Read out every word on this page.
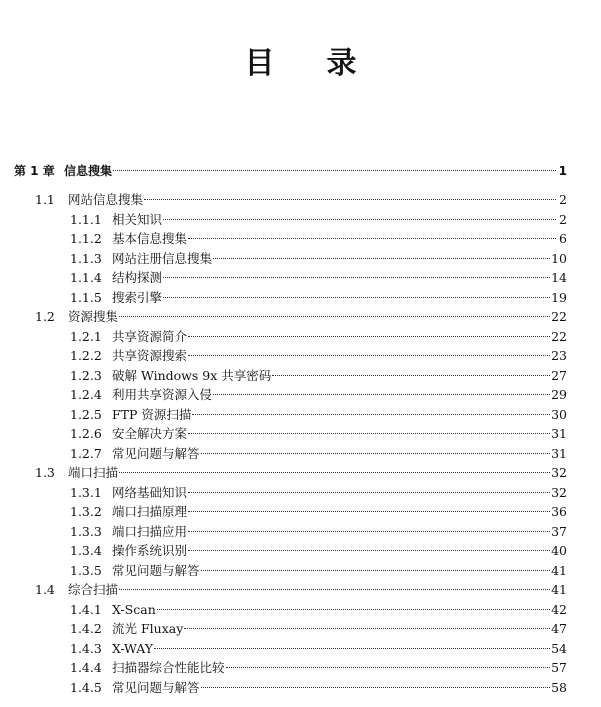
目 录
第 1 章 信息搜集	1
1.1	网站信息搜集	2
1.1.1 相关知识	2
1.1.2 基本信息搜集	6
1.1.3 网站注册信息搜集	10
1.1.4 结构探测	14
1.1.5 搜索引擎	19
1.2	资源搜集	22
1.2.1 共享资源简介	22
1.2.2 共享资源搜索	23
1.2.3 破解 Windows 9x 共享密码	27
1.2.4 利用共享资源入侵	29
1.2.5 FTP 资源扫描	30
1.2.6 安全解决方案	31
1.2.7 常见问题与解答	31
1.3	端口扫描	32
1.3.1 网络基础知识	32
1.3.2 端口扫描原理	36
1.3.3 端口扫描应用	37
1.3.4 操作系统识别	40
1.3.5 常见问题与解答	41
1.4	综合扫描	41
1.4.1 X-Scan	42
1.4.2 流光 Fluxay	47
1.4.3 X-WAY	54
1.4.4 扫描器综合性能比较	57
1.4.5 常见问题与解答	58
